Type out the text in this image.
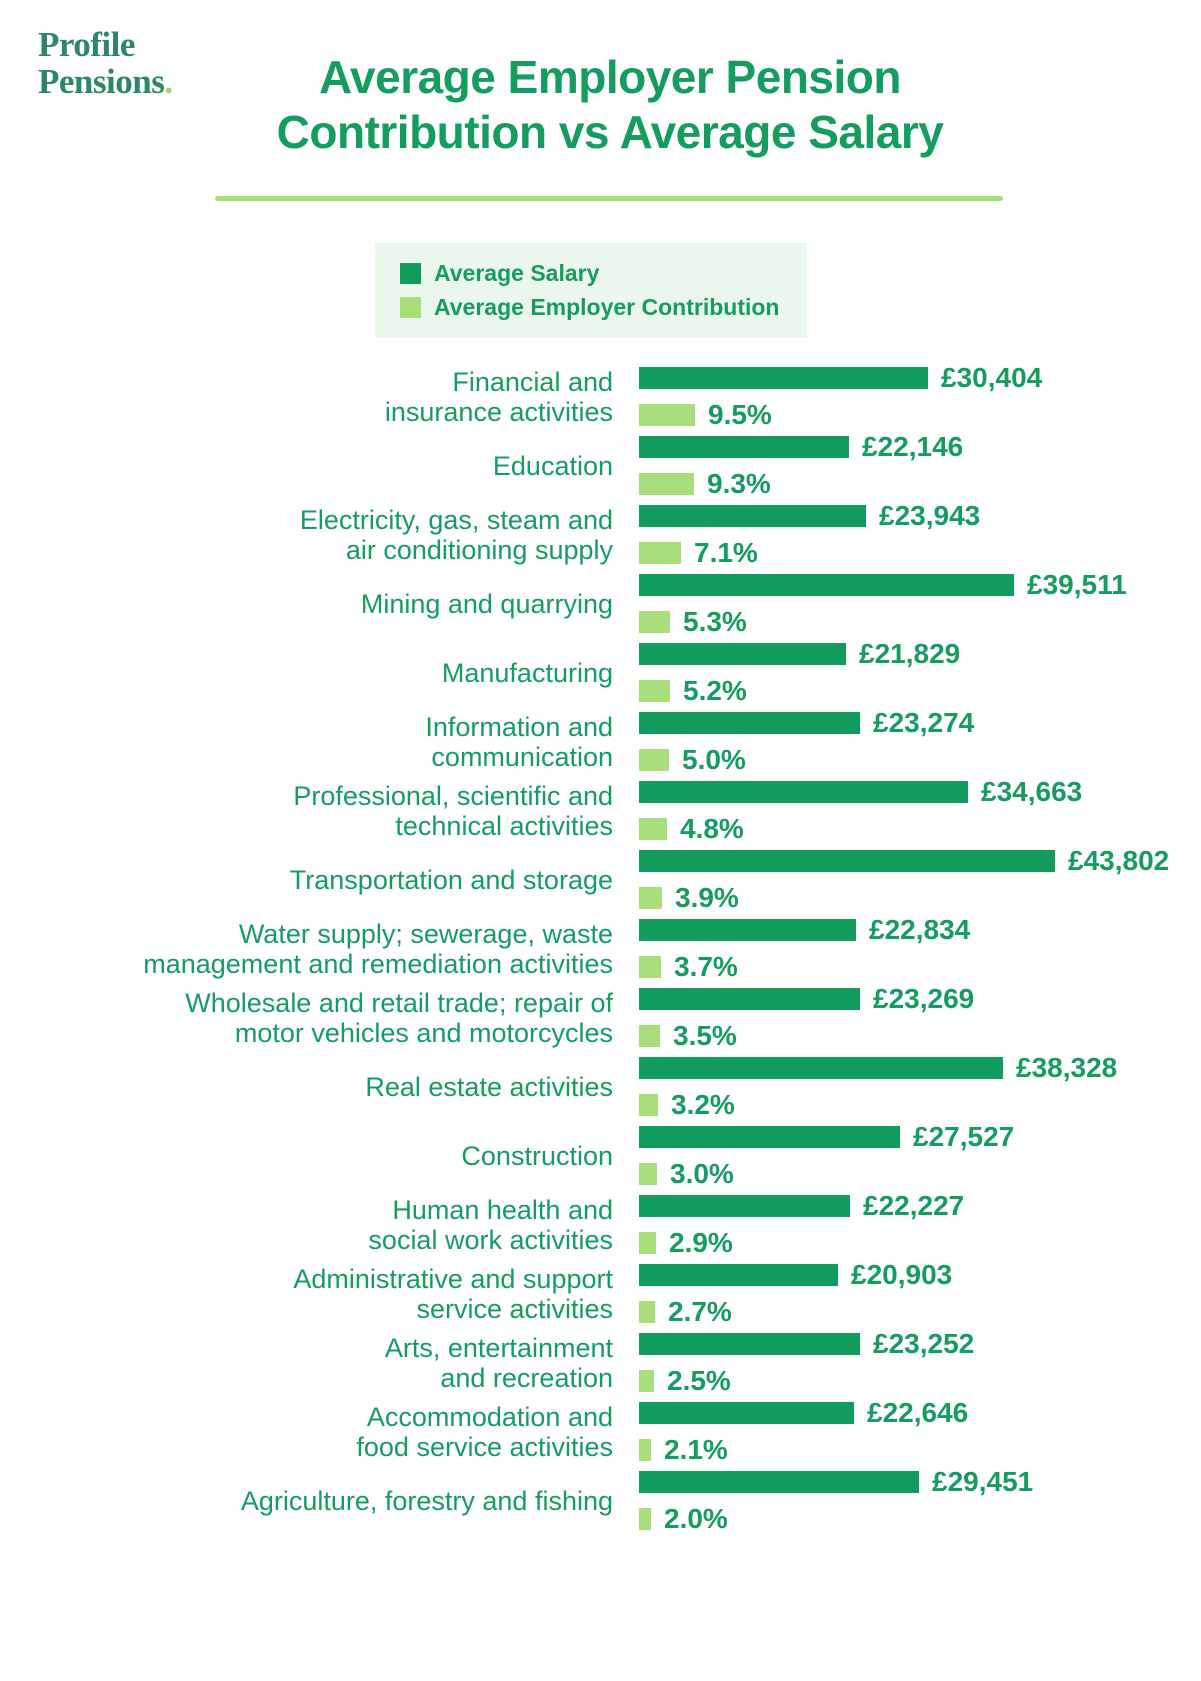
Profile
Pensions.	Average Employer Pension
Contribution vs Average Salary
Average Salary
Average Employer Contribution
Financial and
insurance activities
£30,404
9.5%
Education
£22,146
9.3%
Electricity, gas, steam and
air conditioning supply
£23,943
7.1%
Mining and quarrying
£39,511
5.3%
Manufacturing
£21,829
5.2%
Information and
communication
£23,274
5.0%
Professional, scientific and
technical activities
£34,663
4.8%
Transportation and storage
£43,802
3.9%
Water supply; sewerage, waste
management and remediation activities
£22,834
3.7%
Wholesale and retail trade; repair of
motor vehicles and motorcycles
£23,269
3.5%
Real estate activities
£38,328
3.2%
Construction
£27,527
3.0%
Human health and
social work activities
£22,227
2.9%
Administrative and support
service activities
£20,903
2.7%
Arts, entertainment
and recreation
£23,252
2.5%
Accommodation and
food service activities
£22,646
2.1%
Agriculture, forestry and fishing
£29,451
2.0%
